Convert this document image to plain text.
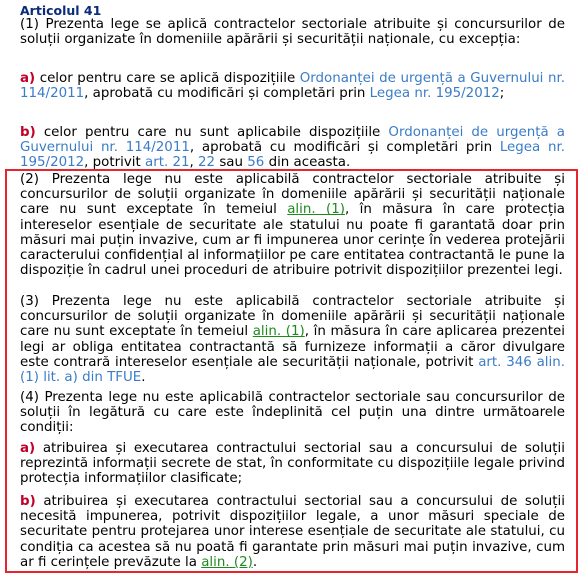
Articolul 41
(1) Prezenta lege se aplică contractelor sectoriale atribuite și concursurilor de soluții organizate în domeniile apărării și securității naționale, cu excepția:
a) celor pentru care se aplică dispozițiile Ordonanței de urgență a Guvernului nr. 114/2011, aprobată cu modificări și completări prin Legea nr. 195/2012;
b) celor pentru care nu sunt aplicabile dispozițiile Ordonanței de urgență a Guvernului nr. 114/2011, aprobată cu modificări și completări prin Legea nr. 195/2012, potrivit art. 21, 22 sau 56 din aceasta.
(2) Prezenta lege nu este aplicabilă contractelor sectoriale atribuite și concursurilor de soluții organizate în domeniile apărării și securității naționale care nu sunt exceptate în temeiul alin. (1), în măsura în care protecția intereselor esențiale de securitate ale statului nu poate fi garantată doar prin măsuri mai puțin invazive, cum ar fi impunerea unor cerințe în vederea protejării caracterului confidențial al informațiilor pe care entitatea contractantă le pune la dispoziție în cadrul unei proceduri de atribuire potrivit dispozițiilor prezentei legi.
(3) Prezenta lege nu este aplicabilă contractelor sectoriale atribuite și concursurilor de soluții organizate în domeniile apărării și securității naționale care nu sunt exceptate în temeiul alin. (1), în măsura în care aplicarea prezentei legi ar obliga entitatea contractantă să furnizeze informații a căror divulgare este contrară intereselor esențiale ale securității naționale, potrivit art. 346 alin. (1) lit. a) din TFUE.
(4) Prezenta lege nu este aplicabilă contractelor sectoriale sau concursurilor de soluții în legătură cu care este îndeplinită cel puțin una dintre următoarele condiții:
a) atribuirea și executarea contractului sectorial sau a concursului de soluții reprezintă informații secrete de stat, în conformitate cu dispozițiile legale privind protecția informațiilor clasificate;
b) atribuirea și executarea contractului sectorial sau a concursului de soluții necesită impunerea, potrivit dispozițiilor legale, a unor măsuri speciale de securitate pentru protejarea unor interese esențiale de securitate ale statului, cu condiția ca acestea să nu poată fi garantate prin măsuri mai puțin invazive, cum ar fi cerințele prevăzute la alin. (2).
